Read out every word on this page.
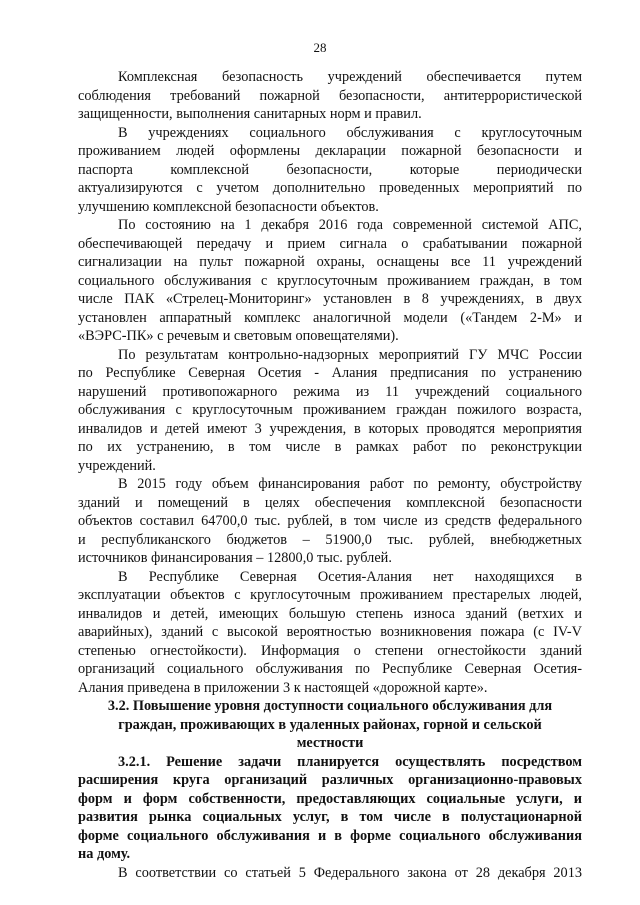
28
Комплексная безопасность учреждений обеспечивается путем
соблюдения требований пожарной безопасности, антитеррористической
защищенности, выполнения санитарных норм и правил.
В учреждениях социального обслуживания с круглосуточным
проживанием людей оформлены декларации пожарной безопасности и
паспорта комплексной безопасности, которые периодически
актуализируются с учетом дополнительно проведенных мероприятий по
улучшению комплексной безопасности объектов.
По состоянию на 1 декабря 2016 года современной системой АПС,
обеспечивающей передачу и прием сигнала о срабатывании пожарной
сигнализации на пульт пожарной охраны, оснащены все 11 учреждений
социального обслуживания с круглосуточным проживанием граждан, в том
числе ПАК «Стрелец-Мониторинг» установлен в 8 учреждениях, в двух
установлен аппаратный комплекс аналогичной модели («Тандем 2-М» и
«ВЭРС-ПК» с речевым и световым оповещателями).
По результатам контрольно-надзорных мероприятий ГУ МЧС России
по Республике Северная Осетия - Алания предписания по устранению
нарушений противопожарного режима из 11 учреждений социального
обслуживания с круглосуточным проживанием граждан пожилого возраста,
инвалидов и детей имеют 3 учреждения, в которых проводятся мероприятия
по их устранению, в том числе в рамках работ по реконструкции
учреждений.
В 2015 году объем финансирования работ по ремонту, обустройству
зданий и помещений в целях обеспечения комплексной безопасности
объектов составил 64700,0 тыс. рублей, в том числе из средств федерального
и республиканского бюджетов – 51900,0 тыс. рублей, внебюджетных
источников финансирования – 12800,0 тыс. рублей.
В Республике Северная Осетия-Алания нет находящихся в
эксплуатации объектов с круглосуточным проживанием престарелых людей,
инвалидов и детей, имеющих большую степень износа зданий (ветхих и
аварийных), зданий с высокой вероятностью возникновения пожара (с IV-V
степенью огнестойкости). Информация о степени огнестойкости зданий
организаций социального обслуживания по Республике Северная Осетия-
Алания приведена в приложении 3 к настоящей «дорожной карте».
3.2. Повышение уровня доступности социального обслуживания для
граждан, проживающих в удаленных районах, горной и сельской
местности
3.2.1. Решение задачи планируется осуществлять посредством
расширения круга организаций различных организационно-правовых
форм и форм собственности, предоставляющих социальные услуги, и
развития рынка социальных услуг, в том числе в полустационарной
форме социального обслуживания и в форме социального обслуживания
на дому.
В соответствии со статьей 5 Федерального закона от 28 декабря 2013
